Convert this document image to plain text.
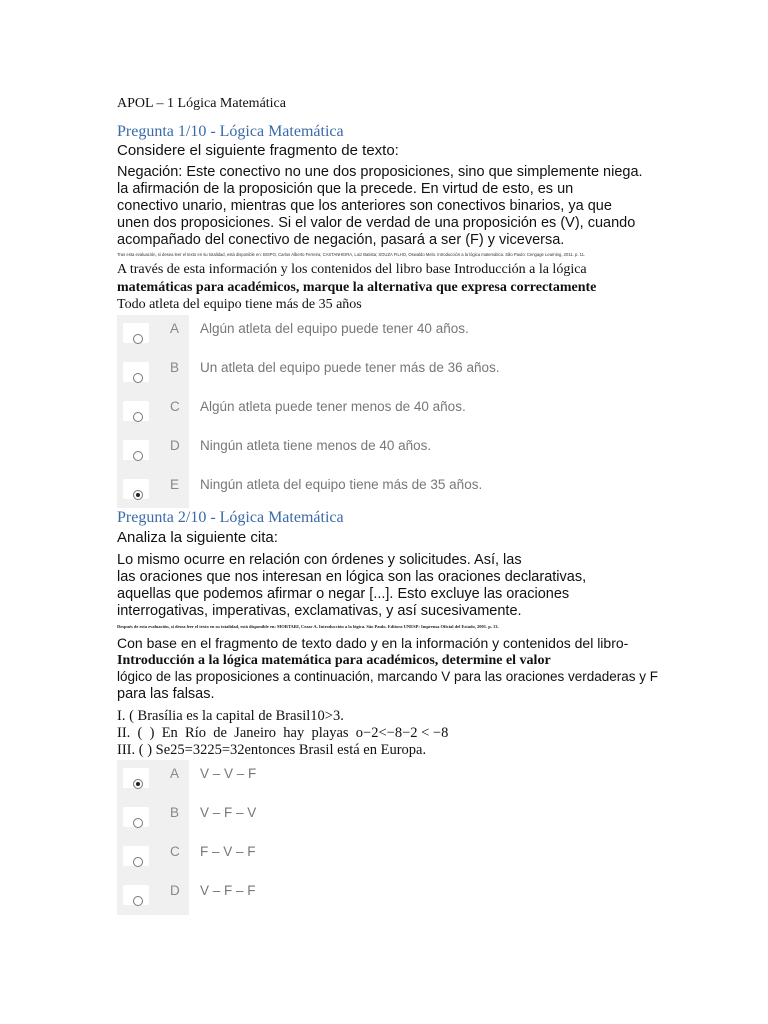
APOL – 1 Lógica Matemática
Pregunta 1/10 - Lógica Matemática
Considere el siguiente fragmento de texto:
Negación: Este conectivo no une dos proposiciones, sino que simplemente niega.
la afirmación de la proposición que la precede. En virtud de esto, es un conectivo unario, mientras que los anteriores son conectivos binarios, ya que unen dos proposiciones. Si el valor de verdad de una proposición es (V), cuando acompañado del conectivo de negación, pasará a ser (F) y viceversa.
Tras esta evaluación, si desea leer el texto en su totalidad, está disponible en: BISPO, Carlos Alberto Ferreira; CASTANHEIRA, Luiz Batista; SOUZA FILHO, Oswaldo Melo. Introducción a la lógica matemática. São Paulo: Cengage Learning, 2011. p. 11.
A través de esta información y los contenidos del libro base Introducción a la lógica
matemáticas para académicos, marque la alternativa que expresa correctamente
Todo atleta del equipo tiene más de 35 años
A Algún atleta del equipo puede tener 40 años.
B Un atleta del equipo puede tener más de 36 años.
C Algún atleta puede tener menos de 40 años.
D Ningún atleta tiene menos de 40 años.
E Ningún atleta del equipo tiene más de 35 años.
Pregunta 2/10 - Lógica Matemática
Analiza la siguiente cita:
Lo mismo ocurre en relación con órdenes y solicitudes. Así, las
las oraciones que nos interesan en lógica son las oraciones declarativas, aquellas que podemos afirmar o negar [...]. Esto excluye las oraciones interrogativas, imperativas, exclamativas, y así sucesivamente.
Después de esta evaluación, si desea leer el texto en su totalidad, está disponible en: MORTARI, Cezar A. Introducción a la lógica. São Paulo. Editora UNESP: Imprensa Oficial del Estado, 2001. p. 13.
Con base en el fragmento de texto dado y en la información y contenidos del libro-
Introducción a la lógica matemática para académicos, determine el valor
lógico de las proposiciones a continuación, marcando V para las oraciones verdaderas y F
para las falsas.
I. ( Brasília es la capital de Brasil10>3.
II.  (  )  En  Río  de  Janeiro  hay  playas  o−2<−8−2 < −8
III. ( ) Se25=3225=32entonces Brasil está en Europa.
A V – V – F
B V – F – V
C F – V – F
D V – F – F
